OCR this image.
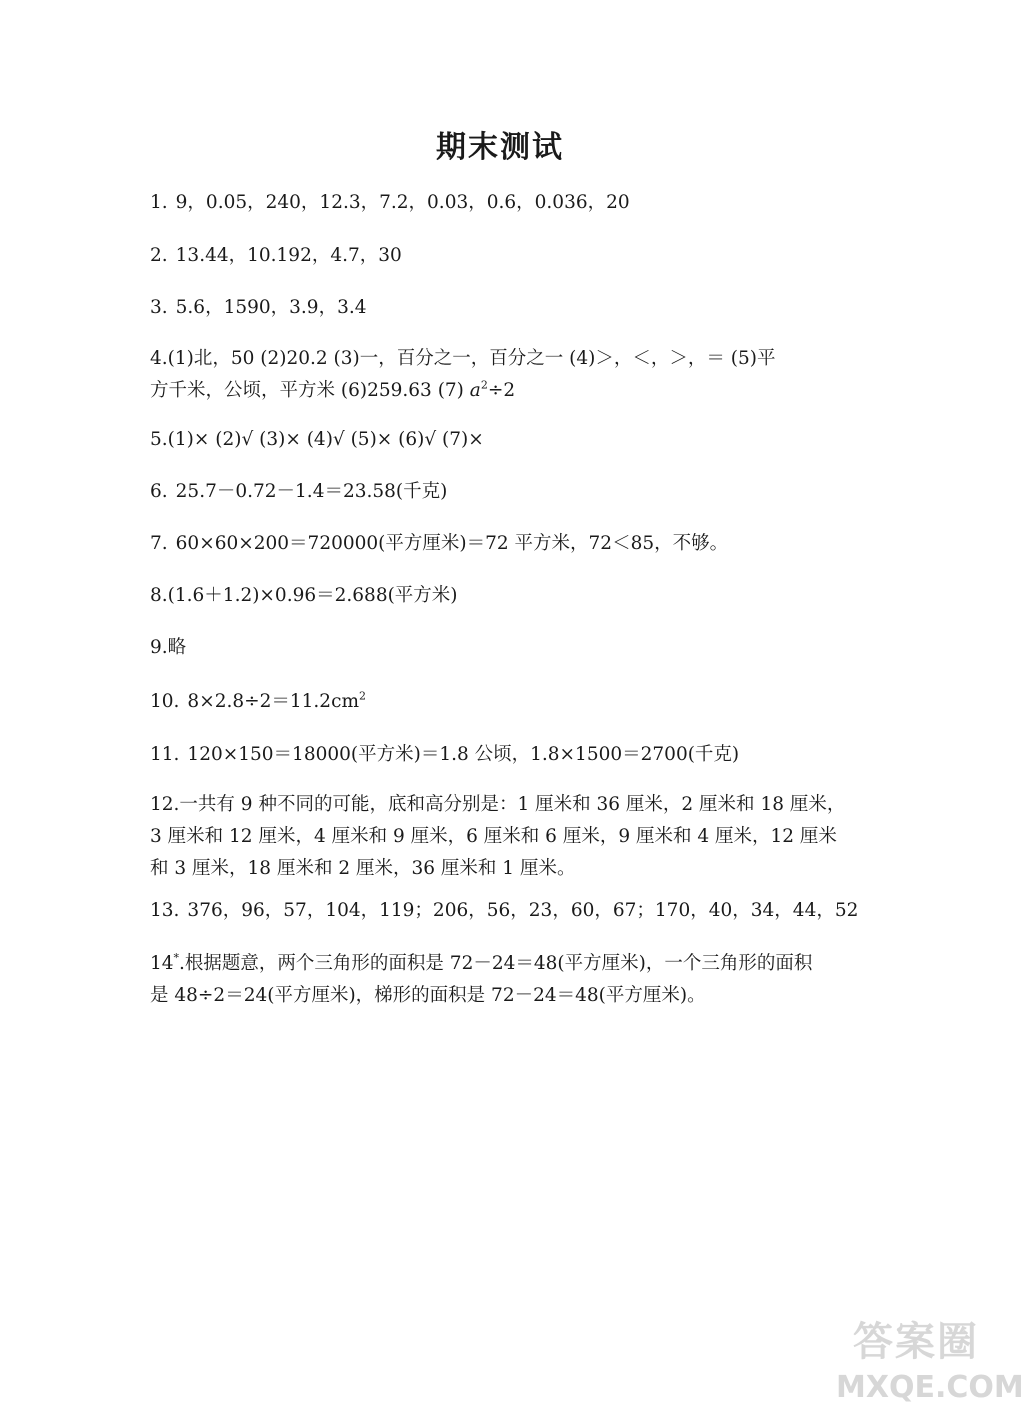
期末测试
1. 9，0.05，240，12.3，7.2，0.03，0.6，0.036，20
2. 13.44，10.192，4.7，30
3. 5.6，1590，3.9，3.4
4.(1)北，50 (2)20.2 (3)一，百分之一，百分之一 (4)＞，＜，＞，＝ (5)平
方千米，公顷，平方米 (6)259.63 (7) $a^2\div 2$
5.(1)× (2)√ (3)× (4)√ (5)× (6)√ (7)×
6. 25.7－0.72－1.4＝23.58(千克)
7. 60×60×200＝720000(平方厘米)＝72 平方米，72＜85，不够。
8.(1.6＋1.2)×0.96＝2.688(平方米)
9.略
10. $8\times 2.8\div 2=11.2cm^2$
11. 120×150＝18000(平方米)＝1.8 公顷，1.8×1500＝2700(千克)
12.一共有 9 种不同的可能，底和高分别是：1 厘米和 36 厘米，2 厘米和 18 厘米，
3 厘米和 12 厘米，4 厘米和 9 厘米，6 厘米和 6 厘米，9 厘米和 4 厘米，12 厘米
和 3 厘米，18 厘米和 2 厘米，36 厘米和 1 厘米。
13. 376，96，57，104，119；206，56，23，60，67；170，40，34，44，52
14*.根据题意，两个三角形的面积是 72－24＝48(平方厘米)，一个三角形的面积
是 48÷2＝24(平方厘米)，梯形的面积是 72－24＝48(平方厘米)。
答案圈
MXQE.COM
